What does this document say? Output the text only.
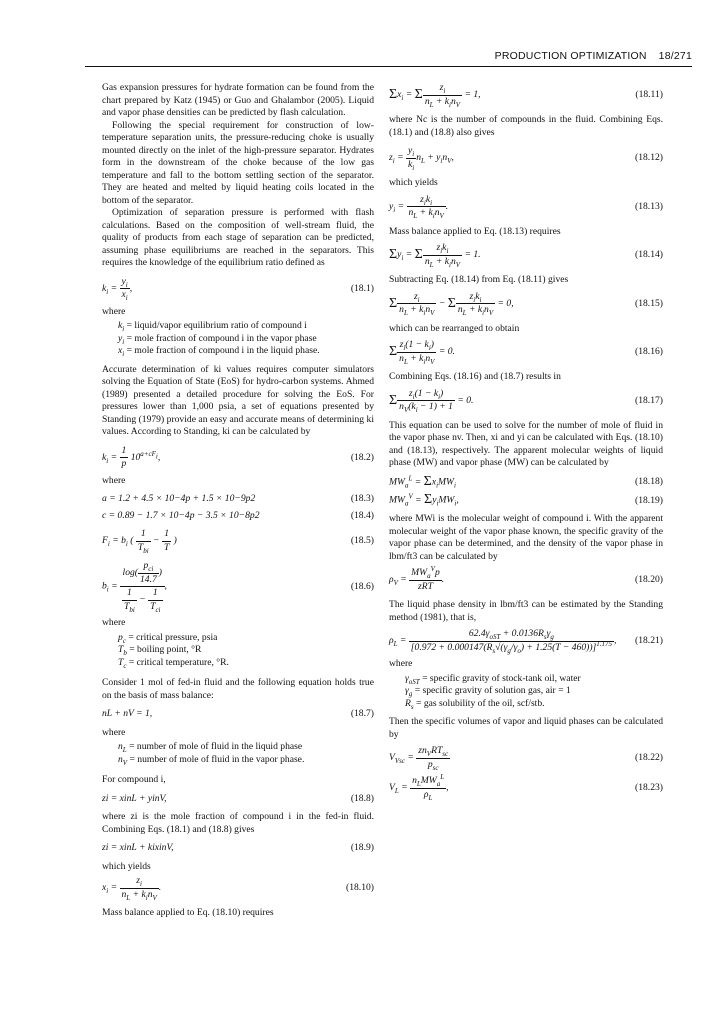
PRODUCTION OPTIMIZATION 18/271

Gas expansion pressures for hydrate formation can be found from the chart prepared by Katz (1945) or Guo and Ghalambor (2005). Liquid and vapor phase densities can be predicted by flash calculation.

Following the special requirement for construction of low-temperature separation units, the pressure-reducing choke is usually mounted directly on the inlet of the high-pressure separator. Hydrates form in the downstream of the choke because of the low gas temperature and fall to the bottom settling section of the separator. They are heated and melted by liquid heating coils located in the bottom of the separator.

Optimization of separation pressure is performed with flash calculations. Based on the composition of well-stream fluid, the quality of products from each stage of separation can be predicted, assuming phase equilibriums are reached in the separators. This requires the knowledge of the equilibrium ratio defined as

$k_i = \frac{y_i}{x_i}$ ,	(18.1)

where

$k_i$ = liquid/vapor equilibrium ratio of compound i
$y_i$ = mole fraction of compound i in the vapor phase
$x_i$ = mole fraction of compound i in the liquid phase.

Accurate determination of ki values requires computer simulators solving the Equation of State (EoS) for hydro-carbon systems. Ahmed (1989) presented a detailed procedure for solving the EoS. For pressures lower than 1,000 psia, a set of equations presented by Standing (1979) provide an easy and accurate means of determining ki values. According to Standing, ki can be calculated by

$k_i = \frac{1}{p} 10^{a+cF_i}$,	(18.2)

where

a = 1.2 + 4.5 × 10−4p + 1.5 × 10−9p2	(18.3)
c = 0.89 − 1.7 × 10−4p − 3.5 × 10−8p2	(18.4)
$F_i = b_i$ ( $\frac{1}{T_{bi}} - \frac{1}{T}$ )	(18.5)
$b_i = \frac{\log( \frac{p_{ci}}{14.7} )}{\frac{1}{T_{bi}} - \frac{1}{T_{ci}}}$ ,	(18.6)

where

$p_c$ = critical pressure, psia
$T_b$ = boiling point, °R
$T_c$ = critical temperature, °R.

Consider 1 mol of fed-in fluid and the following equation holds true on the basis of mass balance:

nL + nV = 1,	(18.7)

where

$n_L$ = number of mole of fluid in the liquid phase
$n_V$ = number of mole of fluid in the vapor phase.

For compound i,

zi = xinL + yinV,	(18.8)

where zi is the mole fraction of compound i in the fed-in fluid. Combining Eqs. (18.1) and (18.8) gives

zi = xinL + kixinV,	(18.9)

which yields

$x_i = \frac{z_i}{n_L + k_in_V}$ .	(18.10)

Mass balance applied to Eq. (18.10) requires

$\Sigma x_i = \Sigma \frac{z_i}{n_L + k_in_V} = 1$,	(18.11)

where Nc is the number of compounds in the fluid. Combining Eqs. (18.1) and (18.8) also gives

$z_i = \frac{y_i}{k_i} n_L + y_in_V$,	(18.12)

which yields

$y_i = \frac{z_ik_i}{n_L + k_in_V}$ .	(18.13)

Mass balance applied to Eq. (18.13) requires

$\Sigma y_i = \Sigma \frac{z_ik_i}{n_L + k_in_V} = 1$.	(18.14)

Subtracting Eq. (18.14) from Eq. (18.11) gives

Σ $\frac{z_i}{n_L + k_in_V} - \Sigma \frac{z_ik_i}{n_L + k_in_V} = 0$,	(18.15)

which can be rearranged to obtain

Σ $\frac{z_i(1 - k_i)}{n_L + k_in_V} = 0$.	(18.16)

Combining Eqs. (18.16) and (18.7) results in

Σ $\frac{z_i(1 - k_i)}{n_V(k_i - 1) + 1} = 0$.	(18.17)

This equation can be used to solve for the number of mole of fluid in the vapor phase nv. Then, xi and yi can be calculated with Eqs. (18.10) and (18.13), respectively. The apparent molecular weights of liquid phase (MW) and vapor phase (MW) can be calculated by

$MW_a^L = \Sigma x_iMW_i$	(18.18)
$MW_a^V = \Sigma y_iMW_i$,	(18.19)

where MWi is the molecular weight of compound i. With the apparent molecular weight of the vapor phase known, the specific gravity of the vapor phase can be determined, and the density of the vapor phase in lbm/ft3 can be calculated by

$\rho_V = \frac{MW_a^Vp}{\text{zRT}}$ .	(18.20)

The liquid phase density in lbm/ft3 can be estimated by the Standing method (1981), that is,

$\rho_L = \frac{62.4\gamma_{oST} + 0.0136R_s\gamma_g}{[0.972 + 0.000147(R_s√(\gamma_g/\gamma_o) + 1.25(T - 460))]^{1.175}}$ , (18.21)

where

$\gamma_{oST}$ = specific gravity of stock-tank oil, water
$\gamma_g$ = specific gravity of solution gas, air = 1
$R_s$ = gas solubility of the oil, scf/stb.

Then the specific volumes of vapor and liquid phases can be calculated by

$V_{Vsc} = \frac{zn_VRT_{sc}}{p_{sc}}$	(18.22)
$V_L = \frac{n_LMW_a^L}{\rho_L}$ ,	(18.23)
